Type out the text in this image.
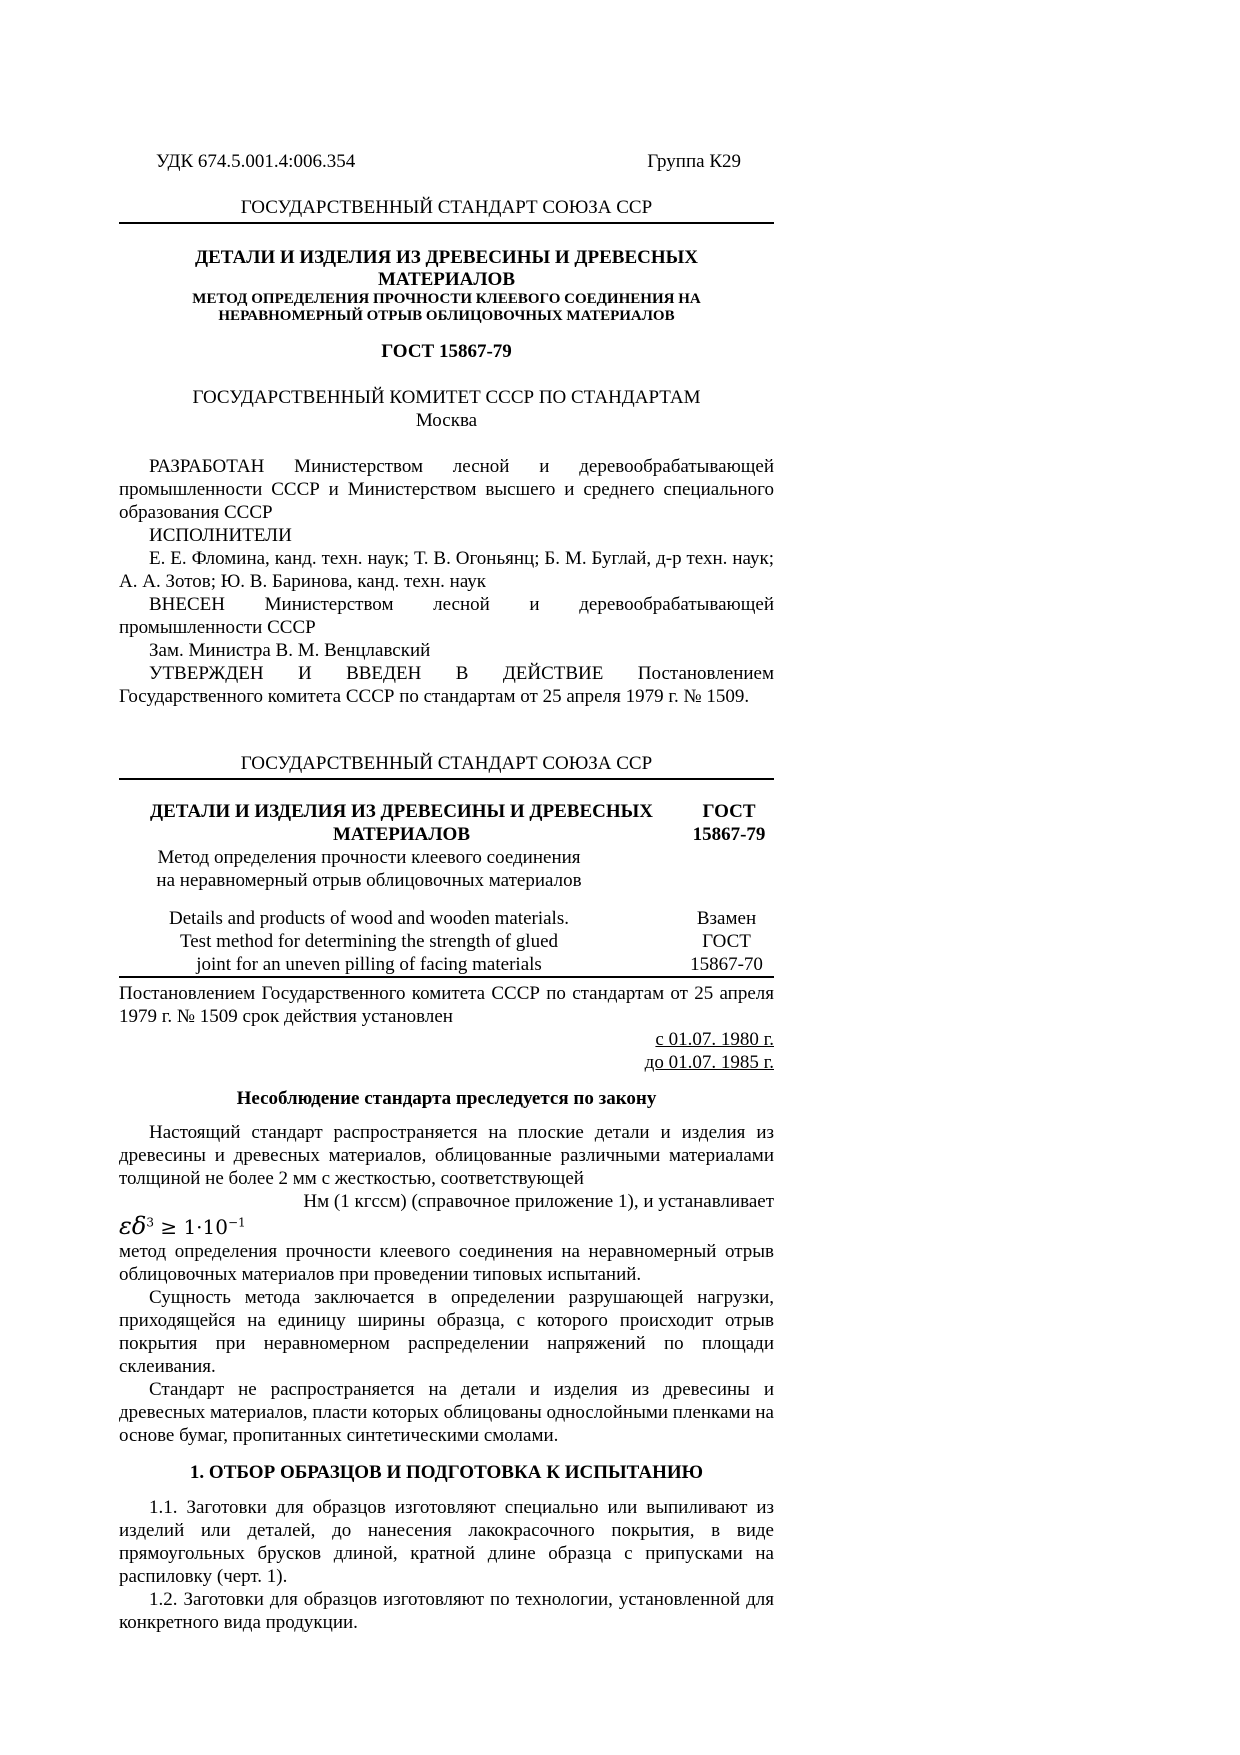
УДК 674.5.001.4:006.354	Группа К29
ГОСУДАРСТВЕННЫЙ СТАНДАРТ СОЮЗА ССР
ДЕТАЛИ И ИЗДЕЛИЯ ИЗ ДРЕВЕСИНЫ И ДРЕВЕСНЫХ МАТЕРИАЛОВ
МЕТОД ОПРЕДЕЛЕНИЯ ПРОЧНОСТИ КЛЕЕВОГО СОЕДИНЕНИЯ НА НЕРАВНОМЕРНЫЙ ОТРЫВ ОБЛИЦОВОЧНЫХ МАТЕРИАЛОВ
ГОСТ 15867-79
ГОСУДАРСТВЕННЫЙ КОМИТЕТ СССР ПО СТАНДАРТАМ
Москва

РАЗРАБОТАН Министерством лесной и деревообрабатывающей промышленности СССР и Министерством высшего и среднего специального образования СССР

ИСПОЛНИТЕЛИ

Е. Е. Фломина, канд. техн. наук; Т. В. Огоньянц; Б. М. Буглай, д-р техн. наук; А. А. Зотов; Ю. В. Баринова, канд. техн. наук

ВНЕСЕН Министерством лесной и деревообрабатывающей промышленности СССР

Зам. Министра В. М. Венцлавский

УТВЕРЖДЕН И ВВЕДЕН В ДЕЙСТВИЕ Постановлением Государственного комитета СССР по стандартам от 25 апреля 1979 г. № 1509.

ГОСУДАРСТВЕННЫЙ СТАНДАРТ СОЮЗА ССР
ДЕТАЛИ И ИЗДЕЛИЯ ИЗ ДРЕВЕСИНЫ И ДРЕВЕСНЫХ МАТЕРИАЛОВ
ГОСТ 15867-79
Метод определения прочности клеевого соединения
на неравномерный отрыв облицовочных материалов
Details and products of wood and wooden materials.
Test method for determining the strength of glued
joint for an uneven pilling of facing materials
Взамен
ГОСТ
15867-70

Постановлением Государственного комитета СССР по стандартам от 25 апреля 1979 г. № 1509 срок действия установлен

с 01.07. 1980 г.
до 01.07. 1985 г.
Несоблюдение стандарта преследуется по закону

Настоящий стандарт распространяется на плоские детали и изделия из древесины и древесных материалов, облицованные различными материалами толщиной не более 2 мм с жесткостью, соответствующей

Нм (1 кгссм) (справочное приложение 1), и устанавливает

$\varepsilon\delta^3 \ge 1\cdot 10^{-1}$

метод определения прочности клеевого соединения на неравномерный отрыв облицовочных материалов при проведении типовых испытаний.

Сущность метода заключается в определении разрушающей нагрузки, приходящейся на единицу ширины образца, с которого происходит отрыв покрытия при неравномерном распределении напряжений по площади склеивания.

Стандарт не распространяется на детали и изделия из древесины и древесных материалов, пласти которых облицованы однослойными пленками на основе бумаг, пропитанных синтетическими смолами.

1. ОТБОР ОБРАЗЦОВ И ПОДГОТОВКА К ИСПЫТАНИЮ

1.1. Заготовки для образцов изготовляют специально или выпиливают из изделий или деталей, до нанесения лакокрасочного покрытия, в виде прямоугольных брусков длиной, кратной длине образца с припусками на распиловку (черт. 1).

1.2. Заготовки для образцов изготовляют по технологии, установленной для конкретного вида продукции.
